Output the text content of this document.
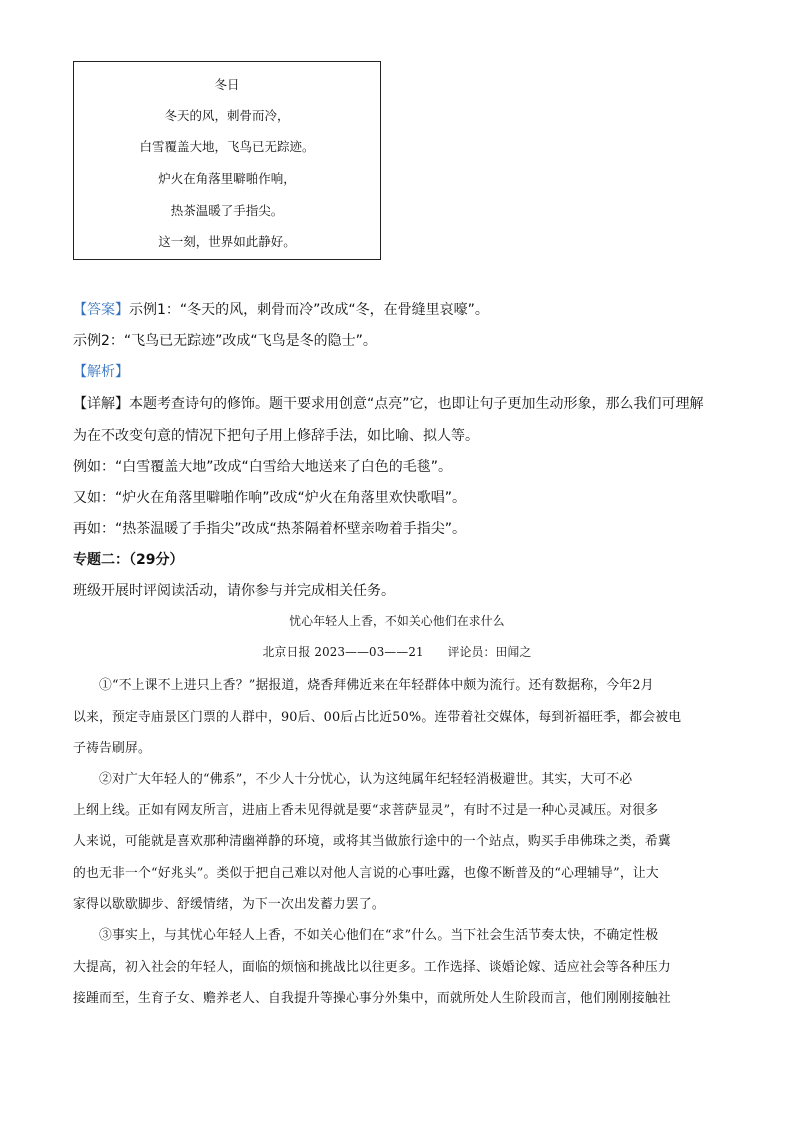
冬日
冬天的风，刺骨而冷，
白雪覆盖大地，飞鸟已无踪迹。
炉火在角落里噼啪作响，
热茶温暖了手指尖。
这一刻，世界如此静好。
【答案】示例1：“冬天的风，刺骨而冷”改成“冬，在骨缝里哀嚎”。
示例2：“飞鸟已无踪迹”改成“飞鸟是冬的隐士”。
【解析】
【详解】本题考查诗句的修饰。题干要求用创意“点亮”它，也即让句子更加生动形象，那么我们可理解
为在不改变句意的情况下把句子用上修辞手法，如比喻、拟人等。
例如：“白雪覆盖大地”改成“白雪给大地送来了白色的毛毯”。
又如：“炉火在角落里噼啪作响”改成“炉火在角落里欢快歌唱”。
再如：“热茶温暖了手指尖”改成“热茶隔着杯壁亲吻着手指尖”。
专题二：（29分）
班级开展时评阅读活动，请你参与并完成相关任务。
忧心年轻人上香，不如关心他们在求什么
北京日报 2023——03——21　　评论员：田闻之
①“不上课不上进只上香？”据报道，烧香拜佛近来在年轻群体中颇为流行。还有数据称，今年2月
以来，预定寺庙景区门票的人群中，90后、00后占比近50%。连带着社交媒体，每到祈福旺季，都会被电
子祷告刷屏。
②对广大年轻人的“佛系”，不少人十分忧心，认为这纯属年纪轻轻消极避世。其实，大可不必
上纲上线。正如有网友所言，进庙上香未见得就是要“求菩萨显灵”，有时不过是一种心灵减压。对很多
人来说，可能就是喜欢那种清幽禅静的环境，或将其当做旅行途中的一个站点，购买手串佛珠之类，希冀
的也无非一个“好兆头”。类似于把自己难以对他人言说的心事吐露，也像不断普及的“心理辅导”，让大
家得以歇歇脚步、舒缓情绪，为下一次出发蓄力罢了。
③事实上，与其忧心年轻人上香，不如关心他们在“求”什么。当下社会生活节奏太快，不确定性极
大提高，初入社会的年轻人，面临的烦恼和挑战比以往更多。工作选择、谈婚论嫁、适应社会等各种压力
接踵而至，生育子女、赡养老人、自我提升等操心事分外集中，而就所处人生阶段而言，他们刚刚接触社
